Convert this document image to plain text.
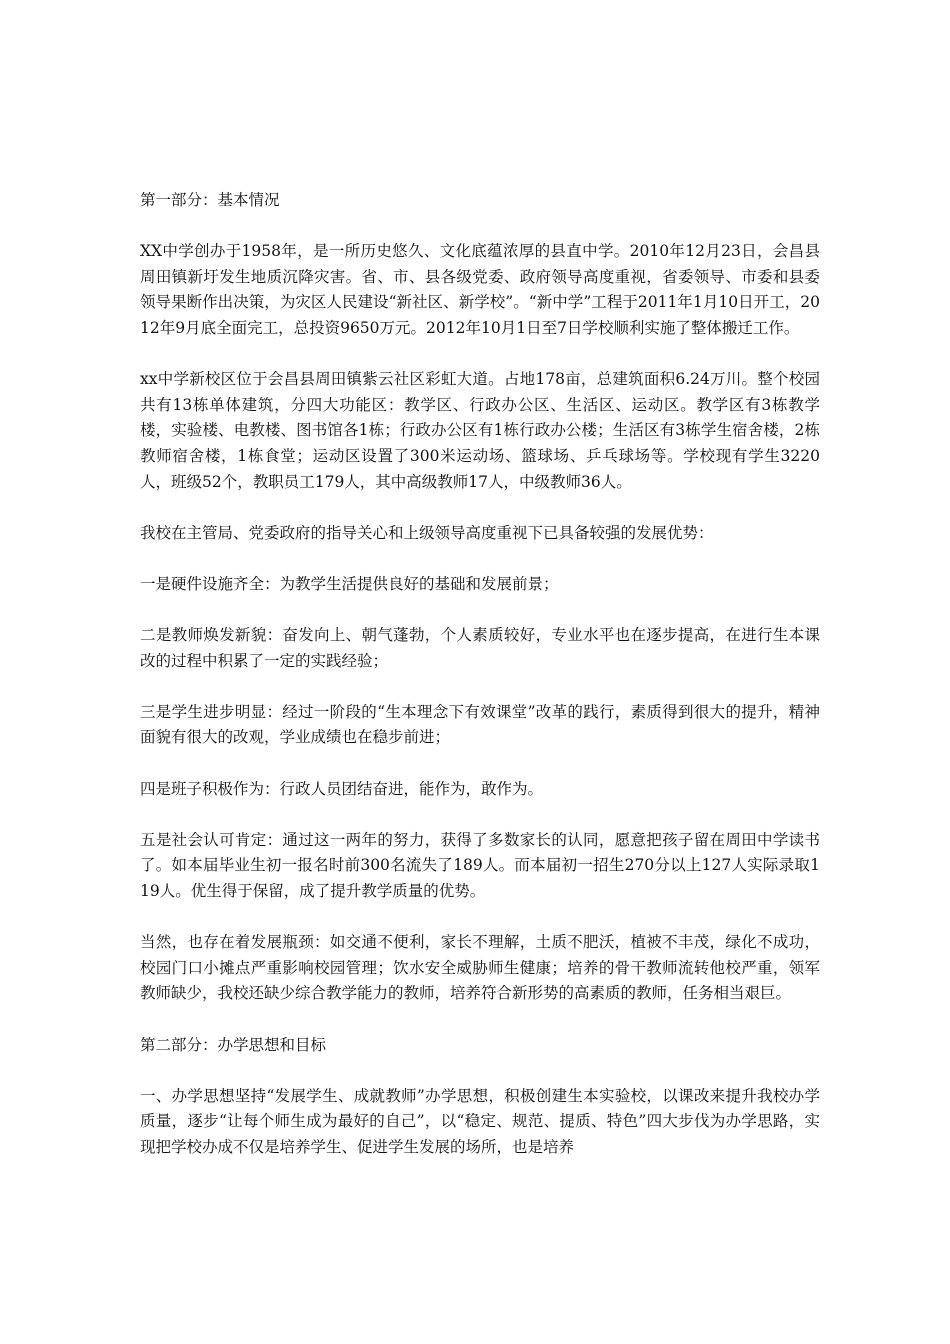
第一部分：基本情况

XX中学创办于1958年，是一所历史悠久、文化底蕴浓厚的县直中学。2010年12月23日，会昌县周田镇新圩发生地质沉降灾害。省、市、县各级党委、政府领导高度重视，省委领导、市委和县委领导果断作出决策，为灾区人民建设“新社区、新学校”。“新中学”工程于2011年1月10日开工，2012年9月底全面完工，总投资9650万元。2012年10月1日至7日学校顺利实施了整体搬迁工作。

xx中学新校区位于会昌县周田镇紫云社区彩虹大道。占地178亩，总建筑面积6.24万川。整个校园共有13栋单体建筑，分四大功能区：教学区、行政办公区、生活区、运动区。教学区有3栋教学楼，实验楼、电教楼、图书馆各1栋；行政办公区有1栋行政办公楼；生活区有3栋学生宿舍楼，2栋教师宿舍楼，1栋食堂；运动区设置了300米运动场、篮球场、乒乓球场等。学校现有学生3220人，班级52个，教职员工179人，其中高级教师17人，中级教师36人。

我校在主管局、党委政府的指导关心和上级领导高度重视下已具备较强的发展优势：

一是硬件设施齐全：为教学生活提供良好的基础和发展前景；

二是教师焕发新貌：奋发向上、朝气蓬勃，个人素质较好，专业水平也在逐步提高，在进行生本课改的过程中积累了一定的实践经验；

三是学生进步明显：经过一阶段的“生本理念下有效课堂”改革的践行，素质得到很大的提升，精神面貌有很大的改观，学业成绩也在稳步前进；

四是班子积极作为：行政人员团结奋进，能作为，敢作为。

五是社会认可肯定：通过这一两年的努力，获得了多数家长的认同，愿意把孩子留在周田中学读书了。如本届毕业生初一报名时前300名流失了189人。而本届初一招生270分以上127人实际录取119人。优生得于保留，成了提升教学质量的优势。

当然，也存在着发展瓶颈：如交通不便利，家长不理解，土质不肥沃，植被不丰茂，绿化不成功，校园门口小摊点严重影响校园管理；饮水安全威胁师生健康；培养的骨干教师流转他校严重，领军教师缺少，我校还缺少综合教学能力的教师，培养符合新形势的高素质的教师，任务相当艰巨。

第二部分：办学思想和目标

一、办学思想坚持“发展学生、成就教师”办学思想，积极创建生本实验校，以课改来提升我校办学质量，逐步“让每个师生成为最好的自己”，以“稳定、规范、提质、特色”四大步伐为办学思路，实现把学校办成不仅是培养学生、促进学生发展的场所，也是培养
